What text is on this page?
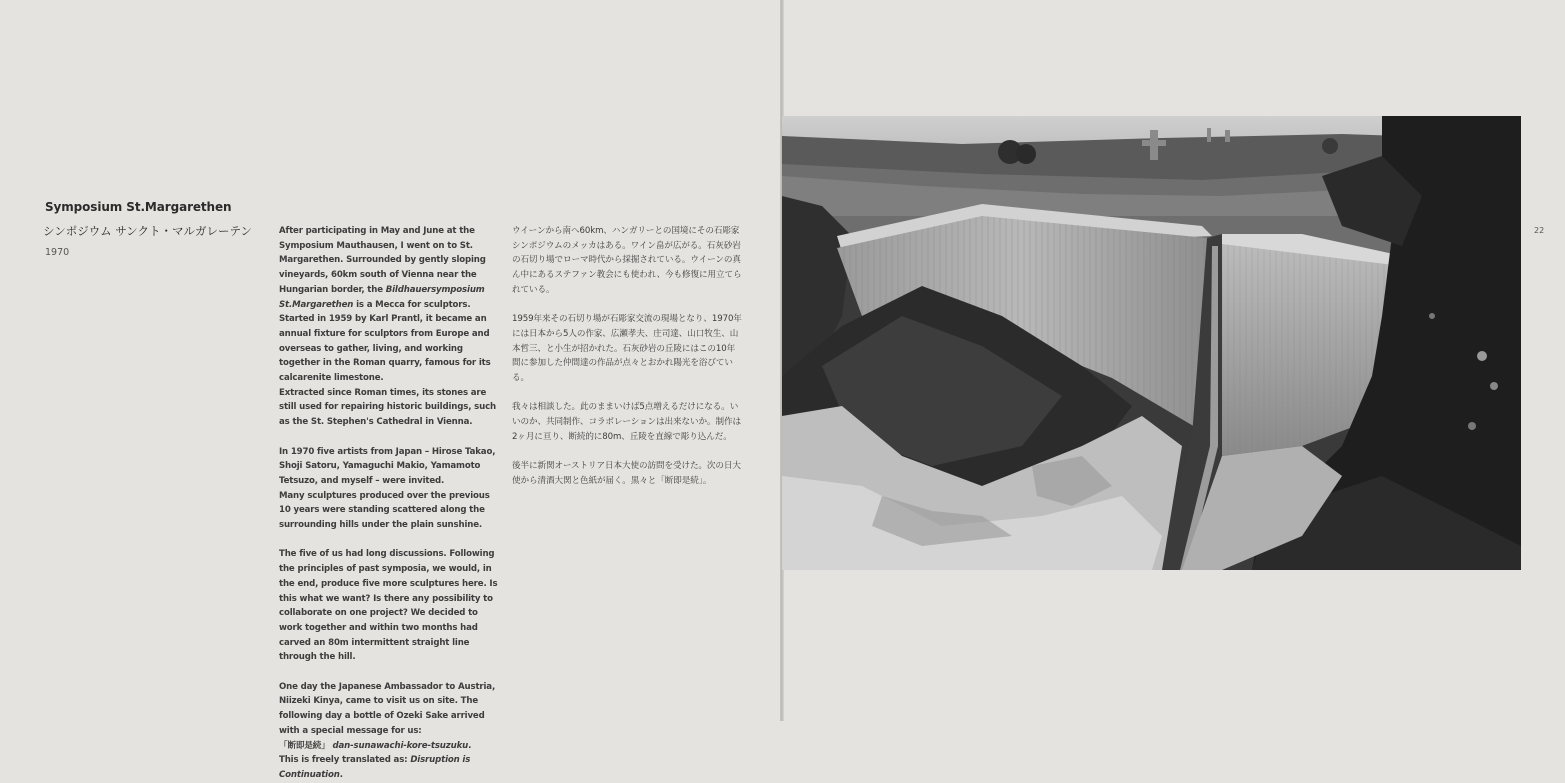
Symposium St.Margarethen
シンポジウム サンクト・マルガレーテン
1970

After participating in May and June at the Symposium Mauthausen, I went on to St. Margarethen. Surrounded by gently sloping vineyards, 60km south of Vienna near the Hungarian border, the Bildhauersymposium St.Margarethen is a Mecca for sculptors.

Started in 1959 by Karl Prantl, it became an annual fixture for sculptors from Europe and overseas to gather, living, and working together in the Roman quarry, famous for its calcarenite limestone.

Extracted since Roman times, its stones are still used for repairing historic buildings, such as the St. Stephen's Cathedral in Vienna.

In 1970 five artists from Japan – Hirose Takao, Shoji Satoru, Yamaguchi Makio, Yamamoto Tetsuzo, and myself – were invited.

Many sculptures produced over the previous 10 years were standing scattered along the surrounding hills under the plain sunshine.

The five of us had long discussions. Following the principles of past symposia, we would, in the end, produce five more sculptures here. Is this what we want? Is there any possibility to collaborate on one project? We decided to work together and within two months had carved an 80m intermittent straight line through the hill.

One day the Japanese Ambassador to Austria, Niizeki Kinya, came to visit us on site. The following day a bottle of Ozeki Sake arrived with a special message for us:

「断即是続」 dan-sunawachi-kore-tsuzuku.

This is freely translated as: Disruption is Continuation.

ウイーンから南へ60km、ハンガリーとの国境にその石彫家シンポジウムのメッカはある。ワイン畠が広がる。石灰砂岩の石切り場でローマ時代から採掘されている。ウイーンの真ん中にあるステファン教会にも使われ、今も修復に用立てられている。

1959年来その石切り場が石彫家交流の現場となり、1970年には日本から5人の作家、広瀬孝夫、庄司達、山口牧生、山本哲三、と小生が招かれた。石灰砂岩の丘陵にはこの10年間に参加した仲間達の作品が点々とおかれ陽光を浴びている。

我々は相談した。此のままいけば5点増えるだけになる。いいのか、共同制作、コラボレーションは出来ないか。制作は2ヶ月に亘り、断続的に80m、丘陵を直線で彫り込んだ。

後半に新関オーストリア日本大使の訪問を受けた。次の日大使から清酒大関と色紙が届く。黒々と「断即是続」。

22
